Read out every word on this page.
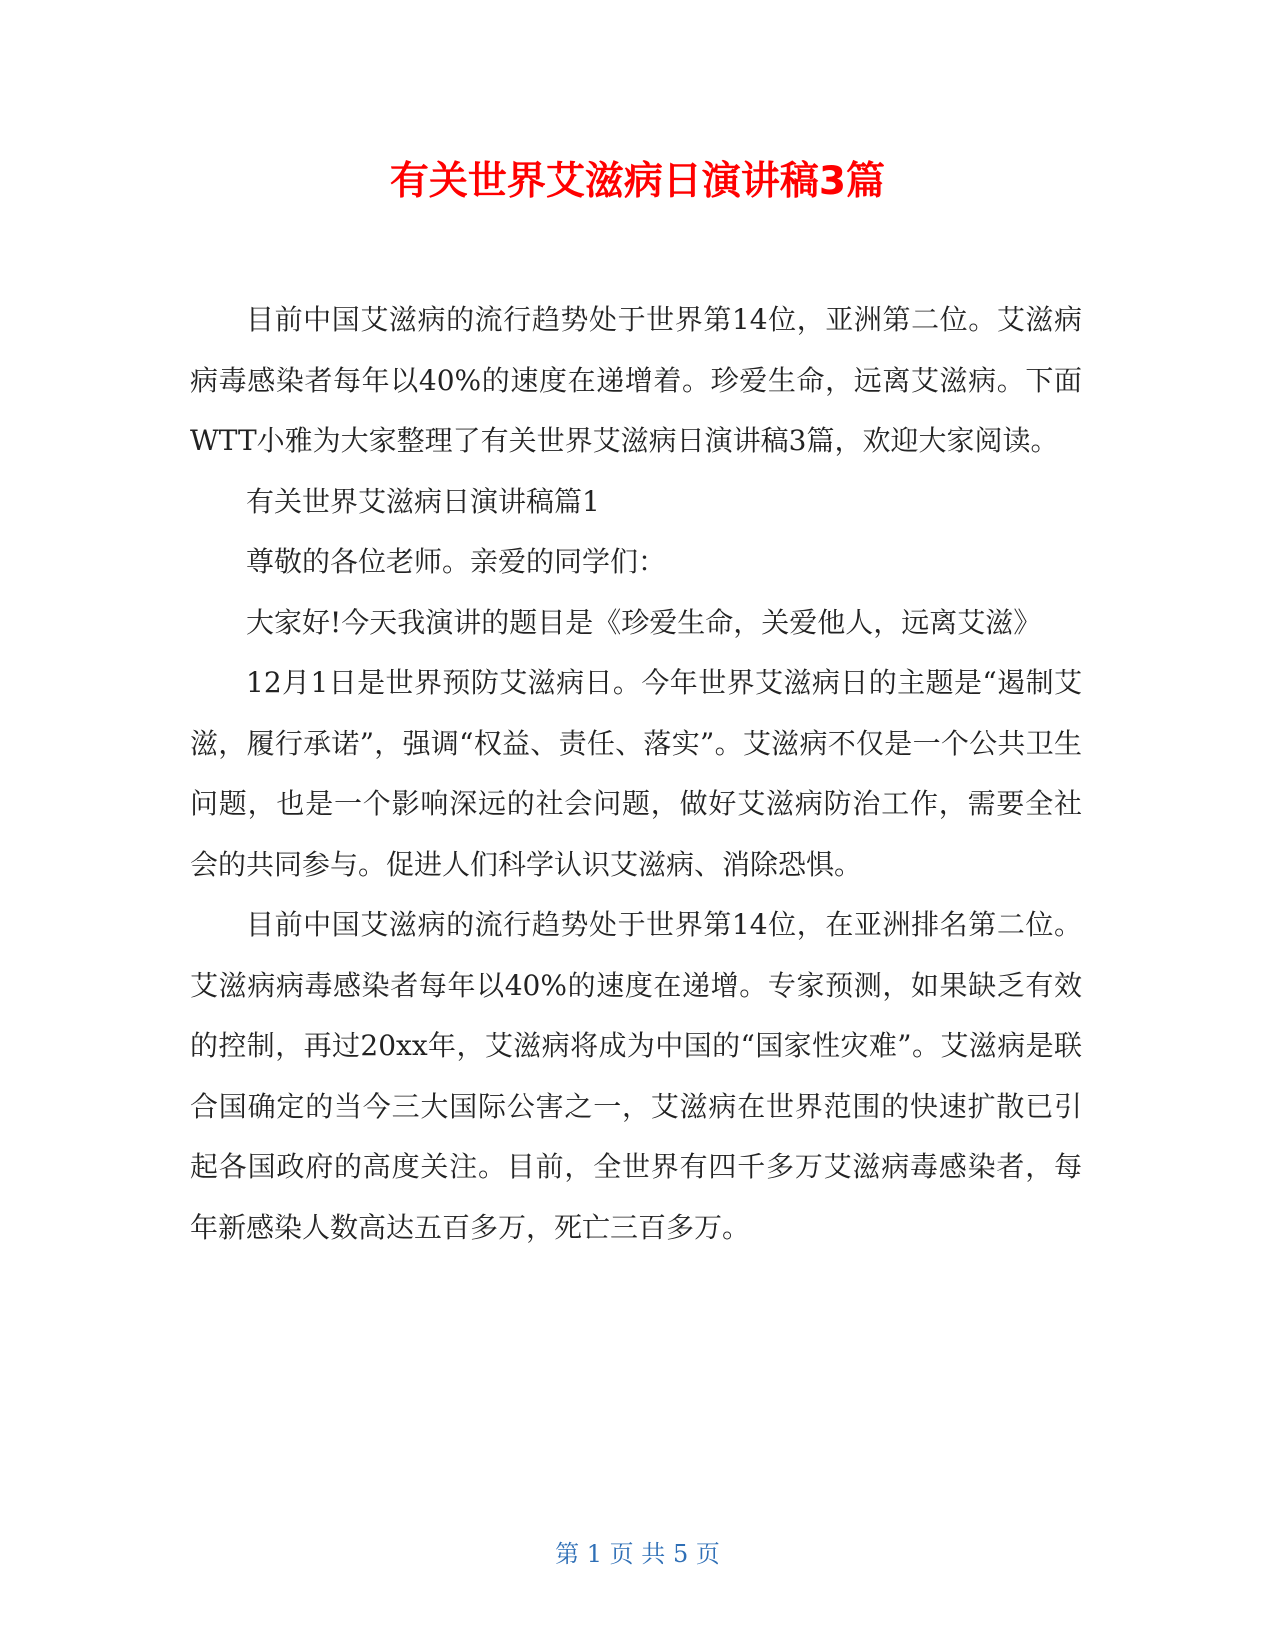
有关世界艾滋病日演讲稿3篇

目前中国艾滋病的流行趋势处于世界第14位，亚洲第二位。艾滋病病毒感染者每年以40%的速度在递增着。珍爱生命，远离艾滋病。下面WTT小雅为大家整理了有关世界艾滋病日演讲稿3篇，欢迎大家阅读。

有关世界艾滋病日演讲稿篇1

尊敬的各位老师。亲爱的同学们：

大家好!今天我演讲的题目是《珍爱生命，关爱他人，远离艾滋》

12月1日是世界预防艾滋病日。今年世界艾滋病日的主题是“遏制艾滋，履行承诺”，强调“权益、责任、落实”。艾滋病不仅是一个公共卫生问题，也是一个影响深远的社会问题，做好艾滋病防治工作，需要全社会的共同参与。促进人们科学认识艾滋病、消除恐惧。

目前中国艾滋病的流行趋势处于世界第14位，在亚洲排名第二位。艾滋病病毒感染者每年以40%的速度在递增。专家预测，如果缺乏有效的控制，再过20xx年，艾滋病将成为中国的“国家性灾难”。艾滋病是联合国确定的当今三大国际公害之一，艾滋病在世界范围的快速扩散已引起各国政府的高度关注。目前，全世界有四千多万艾滋病毒感染者，每年新感染人数高达五百多万，死亡三百多万。

第 1 页 共 5 页
